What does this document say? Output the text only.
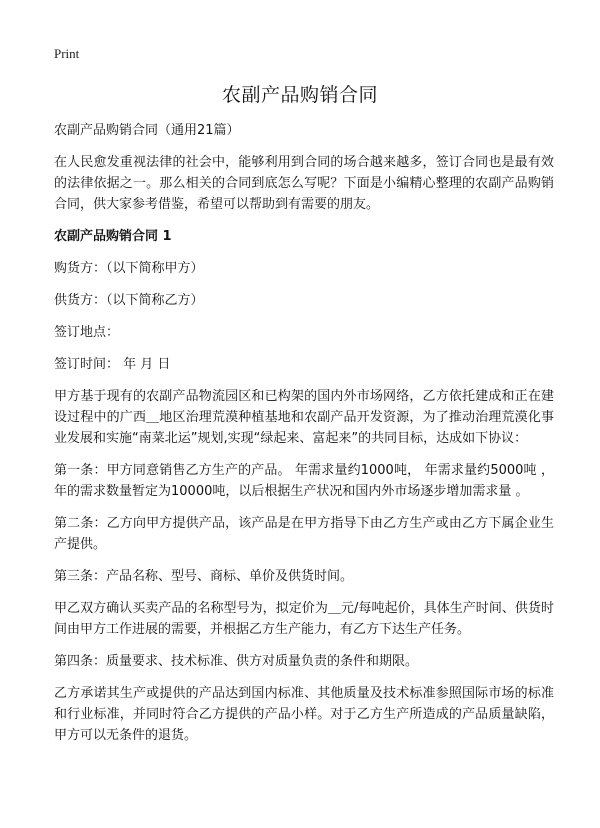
Print
农副产品购销合同

农副产品购销合同（通用21篇）

在人民愈发重视法律的社会中，能够利用到合同的场合越来越多，签订合同也是最有效的法律依据之一。那么相关的合同到底怎么写呢？下面是小编精心整理的农副产品购销合同，供大家参考借鉴，希望可以帮助到有需要的朋友。

农副产品购销合同 1

购货方：（以下简称甲方）

供货方：（以下简称乙方）

签订地点：

签订时间： 年 月 日

甲方基于现有的农副产品物流园区和已构架的国内外市场网络，乙方依托建成和正在建设过程中的广西＿地区治理荒漠种植基地和农副产品开发资源，为了推动治理荒漠化事业发展和实施“南菜北运”规划,实现“绿起来、富起来”的共同目标，达成如下协议：

第一条：甲方同意销售乙方生产的产品。 年需求量约1000吨， 年需求量约5000吨 ， 年的需求数量暂定为10000吨，以后根据生产状况和国内外市场逐步增加需求量 。

第二条：乙方向甲方提供产品，该产品是在甲方指导下由乙方生产或由乙方下属企业生产提供。

第三条：产品名称、型号、商标、单价及供货时间。

甲乙双方确认买卖产品的名称型号为，拟定价为＿元/每吨起价，具体生产时间、供货时间由甲方工作进展的需要，并根据乙方生产能力，有乙方下达生产任务。

第四条：质量要求、技术标准、供方对质量负责的条件和期限。

乙方承诺其生产或提供的产品达到国内标准、其他质量及技术标准参照国际市场的标准和行业标准，并同时符合乙方提供的产品小样。对于乙方生产所造成的产品质量缺陷，甲方可以无条件的退货。
